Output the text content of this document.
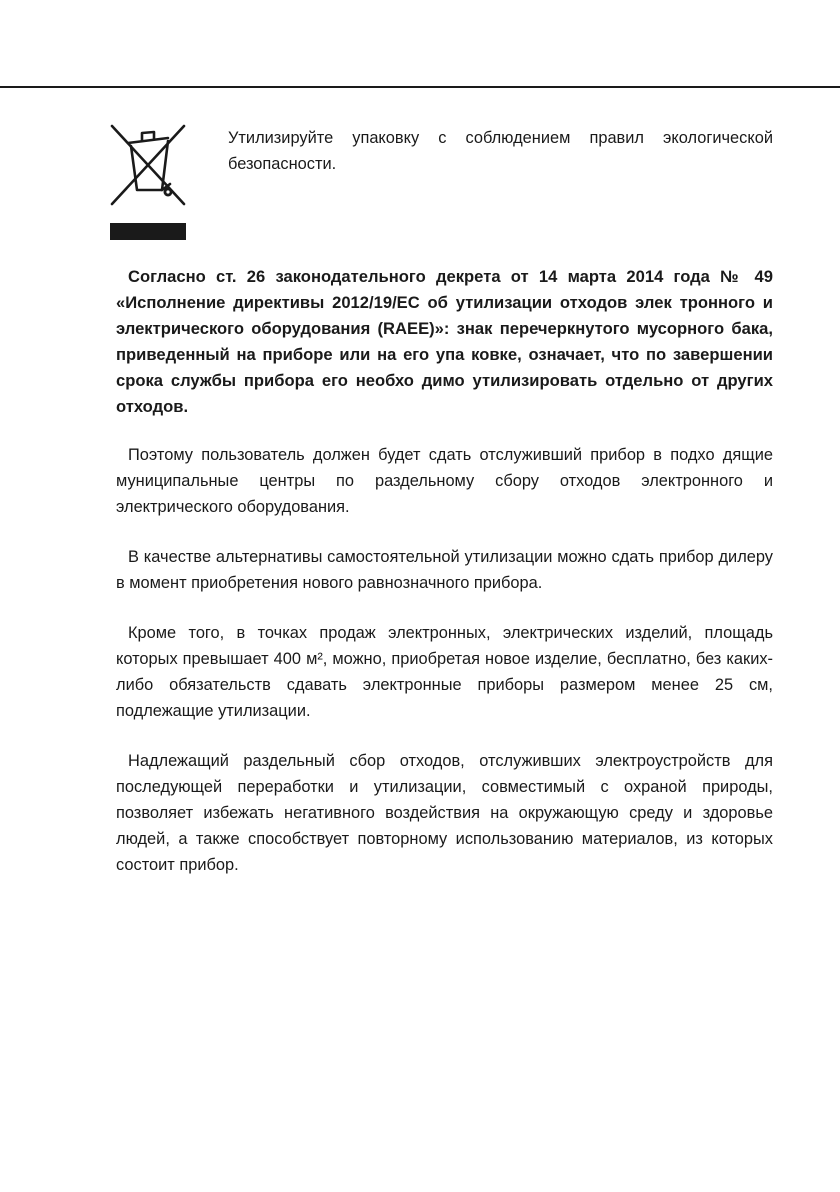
Утилизируйте упаковку с соблюдением правил экологической безопасности.

Согласно ст. 26 законодательного декрета от 14 марта 2014 года № 49 «Исполнение директивы 2012/19/EC об утилизации отходов элек тронного и электрического оборудования (RAEE)»: знак перечеркнутого мусорного бака, приведенный на приборе или на его упа ковке, означает, что по завершении срока службы прибора его необхо димо утилизировать отдельно от других отходов.

Поэтому пользователь должен будет сдать отслуживший прибор в подхо дящие муниципальные центры по раздельному сбору отходов электронного и электрического оборудования.

В качестве альтернативы самостоятельной утилизации можно сдать прибор дилеру в момент приобретения нового равнозначного прибора.

Кроме того, в точках продаж электронных, электрических изделий, площадь которых превышает 400 м², можно, приобретая новое изделие, бесплатно, без каких-либо обязательств сдавать электронные приборы размером менее 25 см, подлежащие утилизации.

Надлежащий раздельный сбор отходов, отслуживших электроустройств для последующей переработки и утилизации, совместимый с охраной природы, позволяет избежать негативного воздействия на окружающую среду и здоровье людей, а также способствует повторному использованию материалов, из которых состоит прибор.
